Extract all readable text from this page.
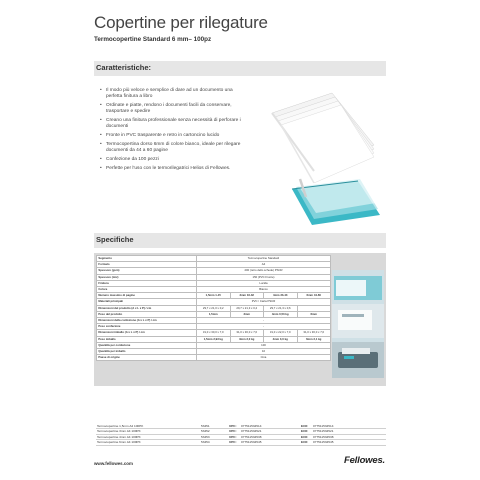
Copertine per rilegature
Termocopertine Standard 6 mm– 100pz
Caratteristiche:
• Il modo più veloce e semplice di dare ad un documento una perfetta finitura a libro
• Ordinate e piatte, rendono i documenti facili da conservare, trasportare e spedire
• Creano una finitura professionale senza necessità di perforare i documenti
• Fronte in PVC trasparente e retro in cartoncino lucido
• Termocopertina dorso 6mm di colore bianco, ideale per rilegare documenti da 44 a 60 pagine
• Confezione da 100 pezzi
• Perfette per l'uso con le termorilegatrici Helios di Fellowes.
Specifiche
Segmento	Termocopertine Standard			
Formato	A4			
Spessore (gsm)	200 (retro dello schede) PSCR			
Spessore (mic)	150 (PVC Fronte)			
Finitura	Lucida			
Colore	Bianco			
Numero massimo di pagine	1,5mm 1-15	3mm 16-32	4mm 33-43	6mm 44-60
Materiali principali	PVC / Carta PSCR			
Dimensioni del prodotto (A x L x P) / cm	29,7 x 21,0 x 0,2	29,7 x 21,3 x 0,4	29,7 x 21,3 x 0,6	
Peso del prodotto	1,5mm	3mm	4mm 0,53 kg	6mm
Dimensioni della confezione (A x L x P) / cm	-			
Peso confezione	-			
Dimensioni imballo (A x L x P) / cm	31,0 x 30,0 x 7,0	31,0 x 30,0 x 7,0	31,0 x 22,0 x 7,0	31,0 x 30,0 x 7,0
Peso imballo	1,5mm 2,93 kg	3mm 3,0 kg	4mm 3,0 kg	6mm 3,1 kg
Quantità per confezione	100			
Quantità per imballo	10			
Paese di origine	Cina			
Termocopertine 1,5mm A4 100PK	53451	UPC:	077511534514	EC8:	077511534514
Termocopertine 3mm A4 100PK	53452	UPC:	077511534521	EC8:	077511534521
Termocopertine 4mm A4 100PK	53453	UPC:	077511534538	EC8:	077511534538
Termocopertine 6mm A4 100PK	53454	UPC:	077511534545	EC8:	077511534545
www.fellowes.com	Fellowes.
